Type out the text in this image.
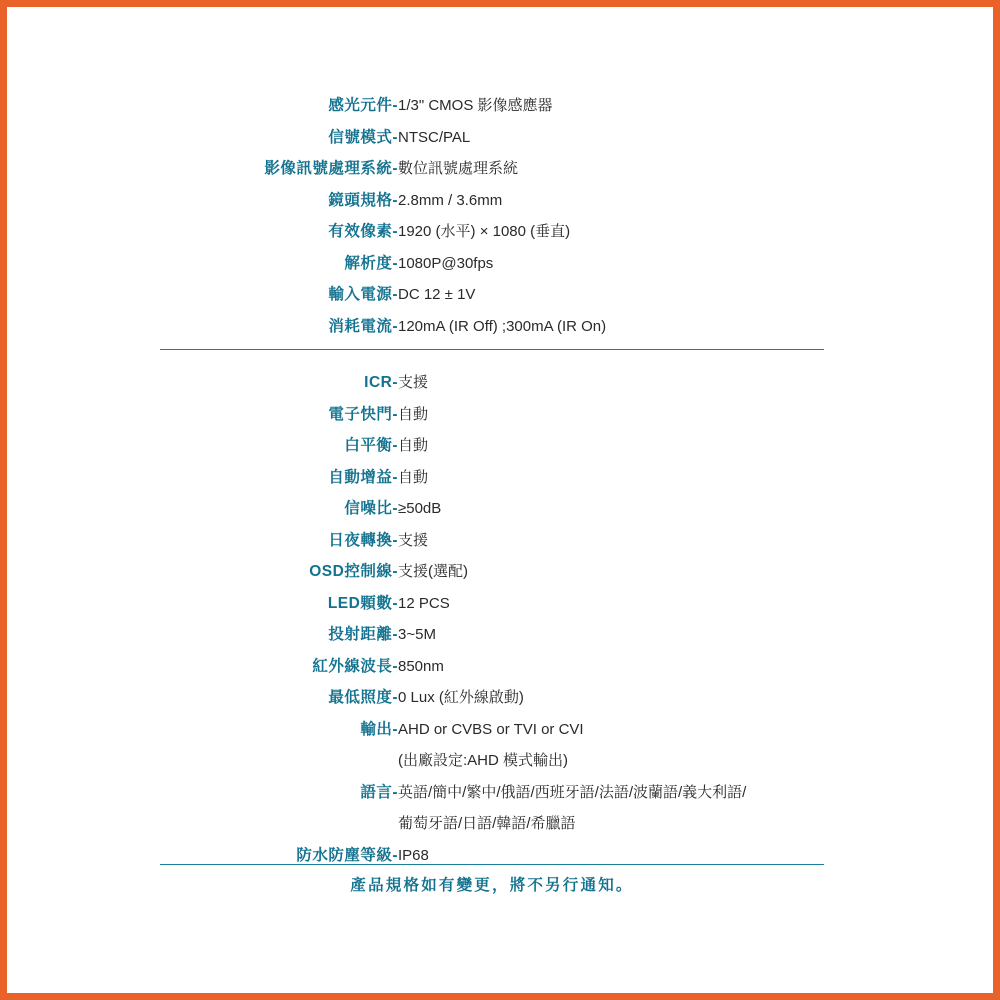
感光元件-	1/3" CMOS 影像感應器

信號模式-	NTSC/PAL

影像訊號處理系統-	數位訊號處理系統

鏡頭規格-	2.8mm / 3.6mm

有效像素-	1920 (水平) × 1080 (垂直)

解析度-	1080P@30fps

輸入電源-	DC 12 ± 1V

消耗電流-	120mA (IR Off) ;300mA (IR On)
ICR-	支援

電子快門-	自動

白平衡-	自動

自動增益-	自動

信噪比-	≥50dB

日夜轉換-	支援

OSD控制線-	支援(選配)

LED顆數-	12 PCS

投射距離-	3~5M

紅外線波長-	850nm

最低照度-	0 Lux (紅外線啟動)

輸出-	AHD or CVBS or TVI or CVI
(出廠設定:AHD 模式輸出)

語言-	英語/簡中/繁中/俄語/西班牙語/法語/波蘭語/義大利語/
葡萄牙語/日語/韓語/希臘語

防水防塵等級-	IP68
產品規格如有變更，將不另行通知。
